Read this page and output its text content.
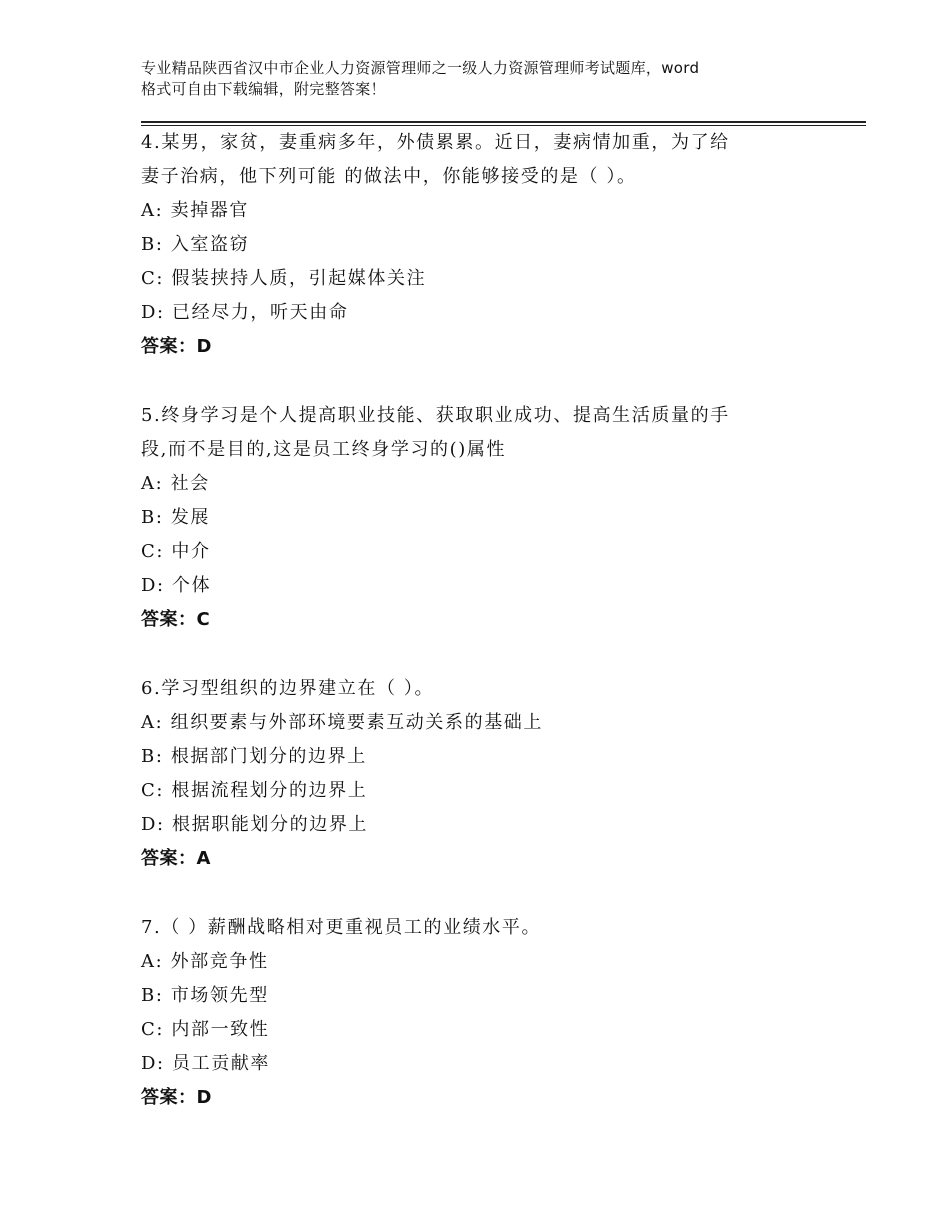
专业精品陕西省汉中市企业人力资源管理师之一级人力资源管理师考试题库，word
格式可自由下载编辑，附完整答案！
4.某男，家贫，妻重病多年，外债累累。近日，妻病情加重，为了给
妻子治病，他下列可能 的做法中，你能够接受的是（ ）。
A: 卖掉器官
B: 入室盗窃
C: 假装挟持人质，引起媒体关注
D: 已经尽力，听天由命
答案：D
5.终身学习是个人提高职业技能、获取职业成功、提高生活质量的手
段,而不是目的,这是员工终身学习的()属性
A: 社会
B: 发展
C: 中介
D: 个体
答案：C
6.学习型组织的边界建立在（ ）。
A: 组织要素与外部环境要素互动关系的基础上
B: 根据部门划分的边界上
C: 根据流程划分的边界上
D: 根据职能划分的边界上
答案：A
7.（ ）薪酬战略相对更重视员工的业绩水平。
A: 外部竞争性
B: 市场领先型
C: 内部一致性
D: 员工贡献率
答案：D
